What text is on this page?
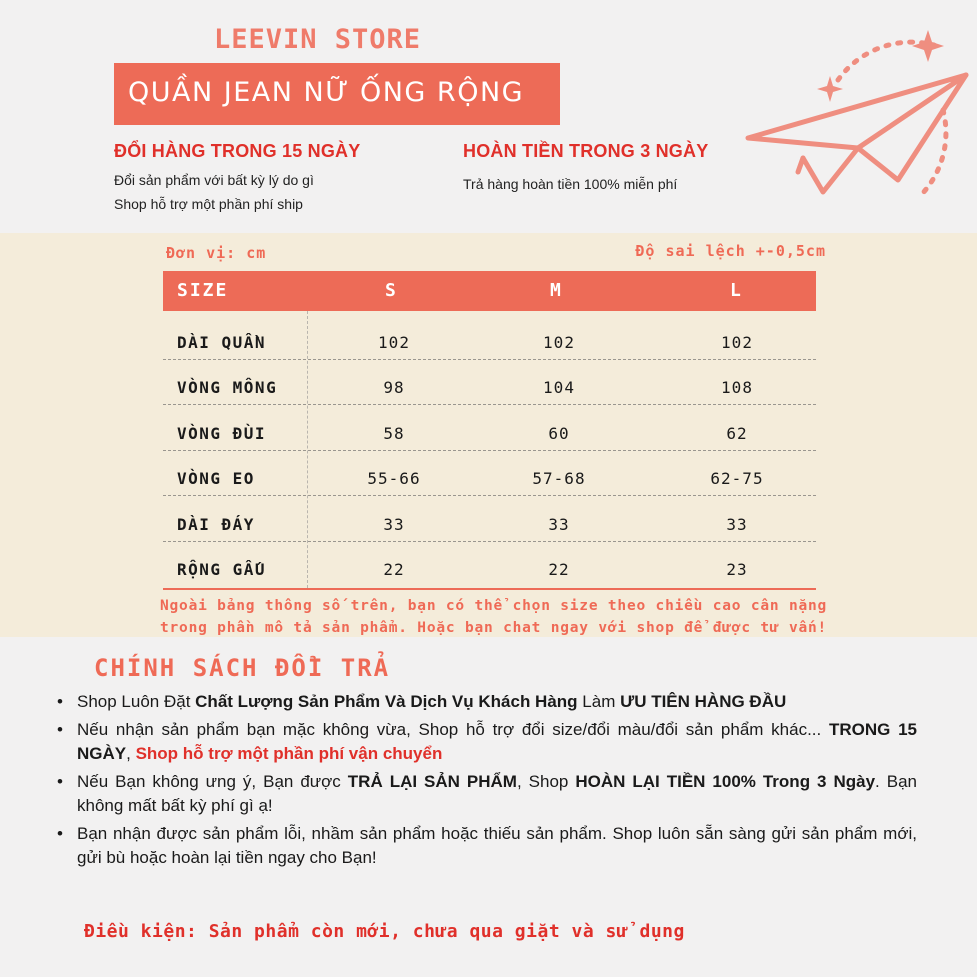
LEEVIN STORE
QUẦN JEAN NỮ ỐNG RỘNG
ĐỔI HÀNG TRONG 15 NGÀY
Đổi sản phẩm với bất kỳ lý do gì
Shop hỗ trợ một phần phí ship
HOÀN TIỀN TRONG 3 NGÀY
Trả hàng hoàn tiền 100% miễn phí
Đơn vị: cm	Độ sai lệch +-0,5cm
SIZE	S	M	L
DÀI QUẦN	102	102	102
VÒNG MÔNG	98	104	108
VÒNG ĐÙI	58	60	62
VÒNG EO	55-66	57-68	62-75
DÀI ĐÁY	33	33	33
RỘNG GẤU	22	22	23
Ngoài bảng thông số trên, bạn có thể chọn size theo chiều cao cân nặng
trong phần mô tả sản phẩm. Hoặc bạn chat ngay với shop để được tư vấn!
CHÍNH SÁCH ĐỔI TRẢ
• Shop Luôn Đặt Chất Lượng Sản Phẩm Và Dịch Vụ Khách Hàng Làm ƯU TIÊN HÀNG ĐẦU
• Nếu nhận sản phẩm bạn mặc không vừa, Shop hỗ trợ đổi size/đổi màu/đổi sản phẩm khác... TRONG 15 NGÀY, Shop hỗ trợ một phần phí vận chuyển
• Nếu Bạn không ưng ý, Bạn được TRẢ LẠI SẢN PHẨM, Shop HOÀN LẠI TIỀN 100% Trong 3 Ngày. Bạn không mất bất kỳ phí gì ạ!
• Bạn nhận được sản phẩm lỗi, nhầm sản phẩm hoặc thiếu sản phẩm. Shop luôn sẵn sàng gửi sản phẩm mới, gửi bù hoặc hoàn lại tiền ngay cho Bạn!
Điều kiện: Sản phẩm còn mới, chưa qua giặt và sử dụng
